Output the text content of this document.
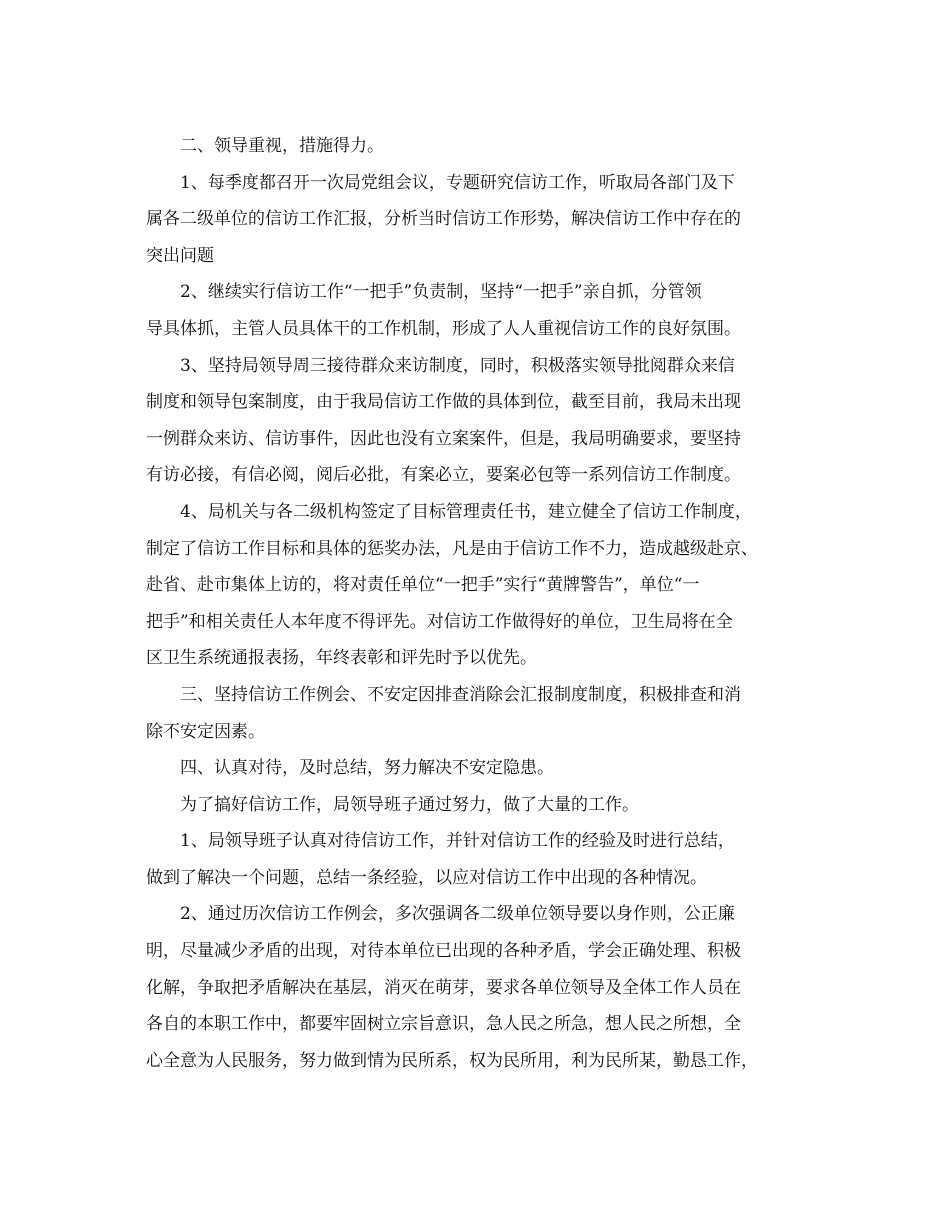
二、领导重视，措施得力。
1、每季度都召开一次局党组会议，专题研究信访工作，听取局各部门及下
属各二级单位的信访工作汇报，分析当时信访工作形势，解决信访工作中存在的
突出问题
2、继续实行信访工作“一把手”负责制，坚持“一把手”亲自抓，分管领
导具体抓，主管人员具体干的工作机制，形成了人人重视信访工作的良好氛围。
3、坚持局领导周三接待群众来访制度，同时，积极落实领导批阅群众来信
制度和领导包案制度，由于我局信访工作做的具体到位，截至目前，我局未出现
一例群众来访、信访事件，因此也没有立案案件，但是，我局明确要求，要坚持
有访必接，有信必阅，阅后必批，有案必立，要案必包等一系列信访工作制度。
4、局机关与各二级机构签定了目标管理责任书，建立健全了信访工作制度，
制定了信访工作目标和具体的惩奖办法，凡是由于信访工作不力，造成越级赴京、
赴省、赴市集体上访的，将对责任单位“一把手”实行“黄牌警告”，单位“一
把手”和相关责任人本年度不得评先。对信访工作做得好的单位，卫生局将在全
区卫生系统通报表扬，年终表彰和评先时予以优先。
三、坚持信访工作例会、不安定因排查消除会汇报制度制度，积极排查和消
除不安定因素。
四、认真对待，及时总结，努力解决不安定隐患。
为了搞好信访工作，局领导班子通过努力，做了大量的工作。
1、局领导班子认真对待信访工作，并针对信访工作的经验及时进行总结，
做到了解决一个问题，总结一条经验，以应对信访工作中出现的各种情况。
2、通过历次信访工作例会，多次强调各二级单位领导要以身作则，公正廉
明，尽量减少矛盾的出现，对待本单位已出现的各种矛盾，学会正确处理、积极
化解，争取把矛盾解决在基层，消灭在萌芽，要求各单位领导及全体工作人员在
各自的本职工作中，都要牢固树立宗旨意识，急人民之所急，想人民之所想，全
心全意为人民服务，努力做到情为民所系，权为民所用，利为民所某，勤恳工作，
